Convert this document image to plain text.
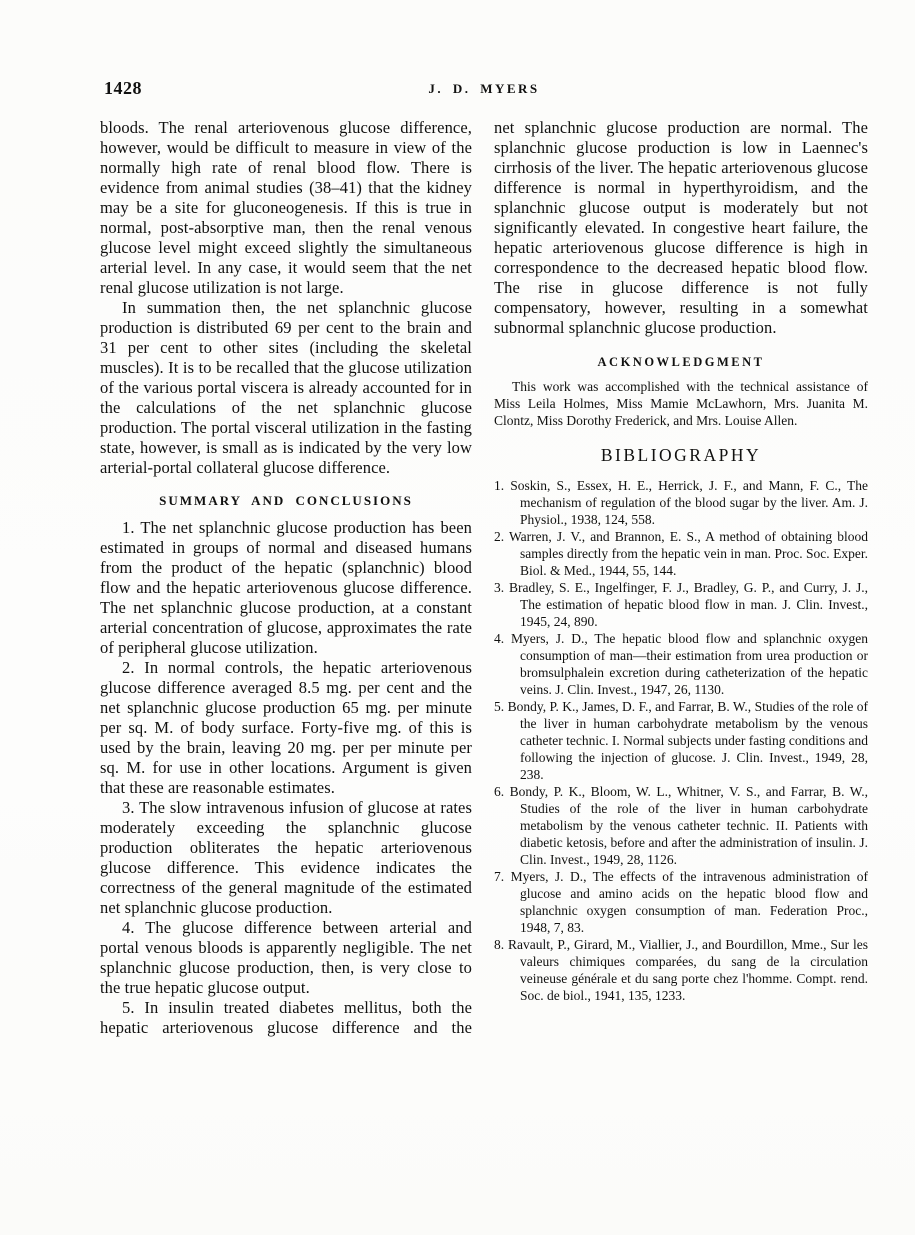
1428	J. D. MYERS

bloods. The renal arteriovenous glucose difference, however, would be difficult to measure in view of the normally high rate of renal blood flow. There is evidence from animal studies (38–41) that the kidney may be a site for gluconeogenesis. If this is true in normal, post-absorptive man, then the renal venous glucose level might exceed slightly the simultaneous arterial level. In any case, it would seem that the net renal glucose utilization is not large.

In summation then, the net splanchnic glucose production is distributed 69 per cent to the brain and 31 per cent to other sites (including the skeletal muscles). It is to be recalled that the glucose utilization of the various portal viscera is already accounted for in the calculations of the net splanchnic glucose production. The portal visceral utilization in the fasting state, however, is small as is indicated by the very low arterial-portal collateral glucose difference.

SUMMARY AND CONCLUSIONS

1. The net splanchnic glucose production has been estimated in groups of normal and diseased humans from the product of the hepatic (splanchnic) blood flow and the hepatic arteriovenous glucose difference. The net splanchnic glucose production, at a constant arterial concentration of glucose, approximates the rate of peripheral glucose utilization.

2. In normal controls, the hepatic arteriovenous glucose difference averaged 8.5 mg. per cent and the net splanchnic glucose production 65 mg. per minute per sq. M. of body surface. Forty-five mg. of this is used by the brain, leaving 20 mg. per per minute per sq. M. for use in other locations. Argument is given that these are reasonable estimates.

3. The slow intravenous infusion of glucose at rates moderately exceeding the splanchnic glucose production obliterates the hepatic arteriovenous glucose difference. This evidence indicates the correctness of the general magnitude of the estimated net splanchnic glucose production.

4. The glucose difference between arterial and portal venous bloods is apparently negligible. The net splanchnic glucose production, then, is very close to the true hepatic glucose output.

5. In insulin treated diabetes mellitus, both the hepatic arteriovenous glucose difference and the

net splanchnic glucose production are normal. The splanchnic glucose production is low in Laennec's cirrhosis of the liver. The hepatic arteriovenous glucose difference is normal in hyperthyroidism, and the splanchnic glucose output is moderately but not significantly elevated. In congestive heart failure, the hepatic arteriovenous glucose difference is high in correspondence to the decreased hepatic blood flow. The rise in glucose difference is not fully compensatory, however, resulting in a somewhat subnormal splanchnic glucose production.

ACKNOWLEDGMENT

This work was accomplished with the technical assistance of Miss Leila Holmes, Miss Mamie McLawhorn, Mrs. Juanita M. Clontz, Miss Dorothy Frederick, and Mrs. Louise Allen.

BIBLIOGRAPHY
1. Soskin, S., Essex, H. E., Herrick, J. F., and Mann, F. C., The mechanism of regulation of the blood sugar by the liver. Am. J. Physiol., 1938, 124, 558.
2. Warren, J. V., and Brannon, E. S., A method of obtaining blood samples directly from the hepatic vein in man. Proc. Soc. Exper. Biol. & Med., 1944, 55, 144.
3. Bradley, S. E., Ingelfinger, F. J., Bradley, G. P., and Curry, J. J., The estimation of hepatic blood flow in man. J. Clin. Invest., 1945, 24, 890.
4. Myers, J. D., The hepatic blood flow and splanchnic oxygen consumption of man—their estimation from urea production or bromsulphalein excretion during catheterization of the hepatic veins. J. Clin. Invest., 1947, 26, 1130.
5. Bondy, P. K., James, D. F., and Farrar, B. W., Studies of the role of the liver in human carbohydrate metabolism by the venous catheter technic. I. Normal subjects under fasting conditions and following the injection of glucose. J. Clin. Invest., 1949, 28, 238.
6. Bondy, P. K., Bloom, W. L., Whitner, V. S., and Farrar, B. W., Studies of the role of the liver in human carbohydrate metabolism by the venous catheter technic. II. Patients with diabetic ketosis, before and after the administration of insulin. J. Clin. Invest., 1949, 28, 1126.
7. Myers, J. D., The effects of the intravenous administration of glucose and amino acids on the hepatic blood flow and splanchnic oxygen consumption of man. Federation Proc., 1948, 7, 83.
8. Ravault, P., Girard, M., Viallier, J., and Bourdillon, Mme., Sur les valeurs chimiques comparées, du sang de la circulation veineuse générale et du sang porte chez l'homme. Compt. rend. Soc. de biol., 1941, 135, 1233.
